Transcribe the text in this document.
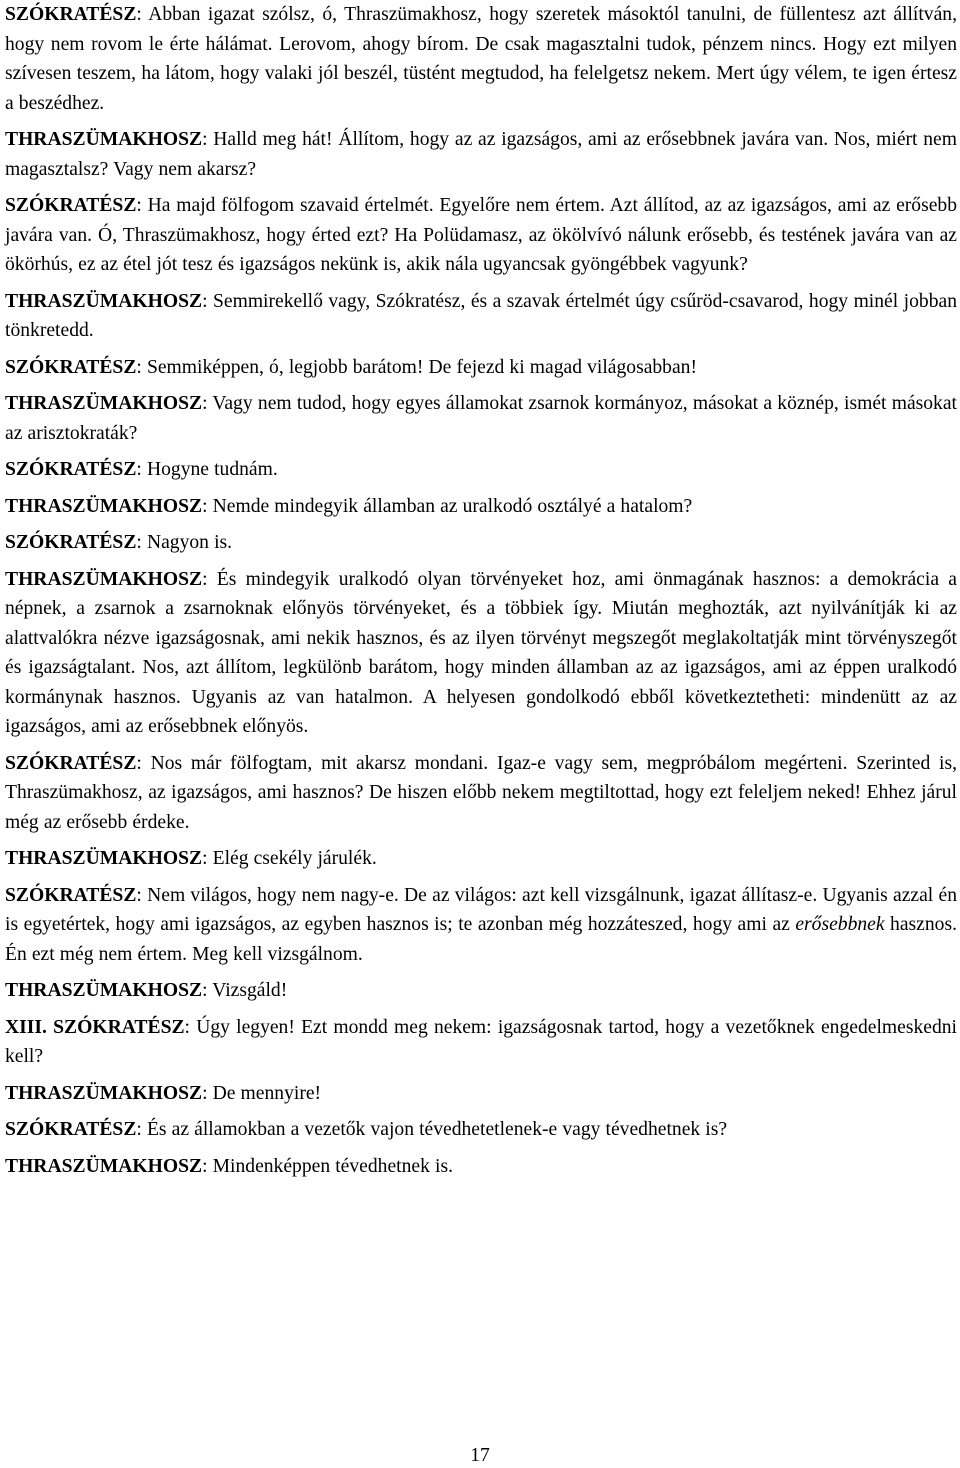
SZÓKRATÉSZ: Abban igazat szólsz, ó, Thraszümakhosz, hogy szeretek másoktól tanulni, de füllentesz azt állítván, hogy nem rovom le érte hálámat. Lerovom, ahogy bírom. De csak magasztalni tudok, pénzem nincs. Hogy ezt milyen szívesen teszem, ha látom, hogy valaki jól beszél, tüstént megtudod, ha felelgetsz nekem. Mert úgy vélem, te igen értesz a beszédhez.

THRASZÜMAKHOSZ: Halld meg hát! Állítom, hogy az az igazságos, ami az erősebbnek javára van. Nos, miért nem magasztalsz? Vagy nem akarsz?

SZÓKRATÉSZ: Ha majd fölfogom szavaid értelmét. Egyelőre nem értem. Azt állítod, az az igazságos, ami az erősebb javára van. Ó, Thraszümakhosz, hogy érted ezt? Ha Polüdamasz, az ökölvívó nálunk erősebb, és testének javára van az ökörhús, ez az étel jót tesz és igazságos nekünk is, akik nála ugyancsak gyöngébbek vagyunk?

THRASZÜMAKHOSZ: Semmirekellő vagy, Szókratész, és a szavak értelmét úgy csűröd-csavarod, hogy minél jobban tönkretedd.

SZÓKRATÉSZ: Semmiképpen, ó, legjobb barátom! De fejezd ki magad világosabban!

THRASZÜMAKHOSZ: Vagy nem tudod, hogy egyes államokat zsarnok kormányoz, másokat a köznép, ismét másokat az arisztokraták?

SZÓKRATÉSZ: Hogyne tudnám.

THRASZÜMAKHOSZ: Nemde mindegyik államban az uralkodó osztályé a hatalom?

SZÓKRATÉSZ: Nagyon is.

THRASZÜMAKHOSZ: És mindegyik uralkodó olyan törvényeket hoz, ami önmagának hasznos: a demokrácia a népnek, a zsarnok a zsarnoknak előnyös törvényeket, és a többiek így. Miután meghozták, azt nyilvánítják ki az alattvalókra nézve igazságosnak, ami nekik hasznos, és az ilyen törvényt megszegőt meglakoltatják mint törvényszegőt és igazságtalant. Nos, azt állítom, legkülönb barátom, hogy minden államban az az igazságos, ami az éppen uralkodó kormánynak hasznos. Ugyanis az van hatalmon. A helyesen gondolkodó ebből következtetheti: mindenütt az az igazságos, ami az erősebbnek előnyös.

SZÓKRATÉSZ: Nos már fölfogtam, mit akarsz mondani. Igaz-e vagy sem, megpróbálom megérteni. Szerinted is, Thraszümakhosz, az igazságos, ami hasznos? De hiszen előbb nekem megtiltottad, hogy ezt feleljem neked! Ehhez járul még az erősebb érdeke.

THRASZÜMAKHOSZ: Elég csekély járulék.

SZÓKRATÉSZ: Nem világos, hogy nem nagy-e. De az világos: azt kell vizsgálnunk, igazat állítasz-e. Ugyanis azzal én is egyetértek, hogy ami igazságos, az egyben hasznos is; te azonban még hozzáteszed, hogy ami az erősebbnek hasznos. Én ezt még nem értem. Meg kell vizsgálnom.

THRASZÜMAKHOSZ: Vizsgáld!

XIII. SZÓKRATÉSZ: Úgy legyen! Ezt mondd meg nekem: igazságosnak tartod, hogy a vezetőknek engedelmeskedni kell?

THRASZÜMAKHOSZ: De mennyire!

SZÓKRATÉSZ: És az államokban a vezetők vajon tévedhetetlenek-e vagy tévedhetnek is?

THRASZÜMAKHOSZ: Mindenképpen tévedhetnek is.

17
